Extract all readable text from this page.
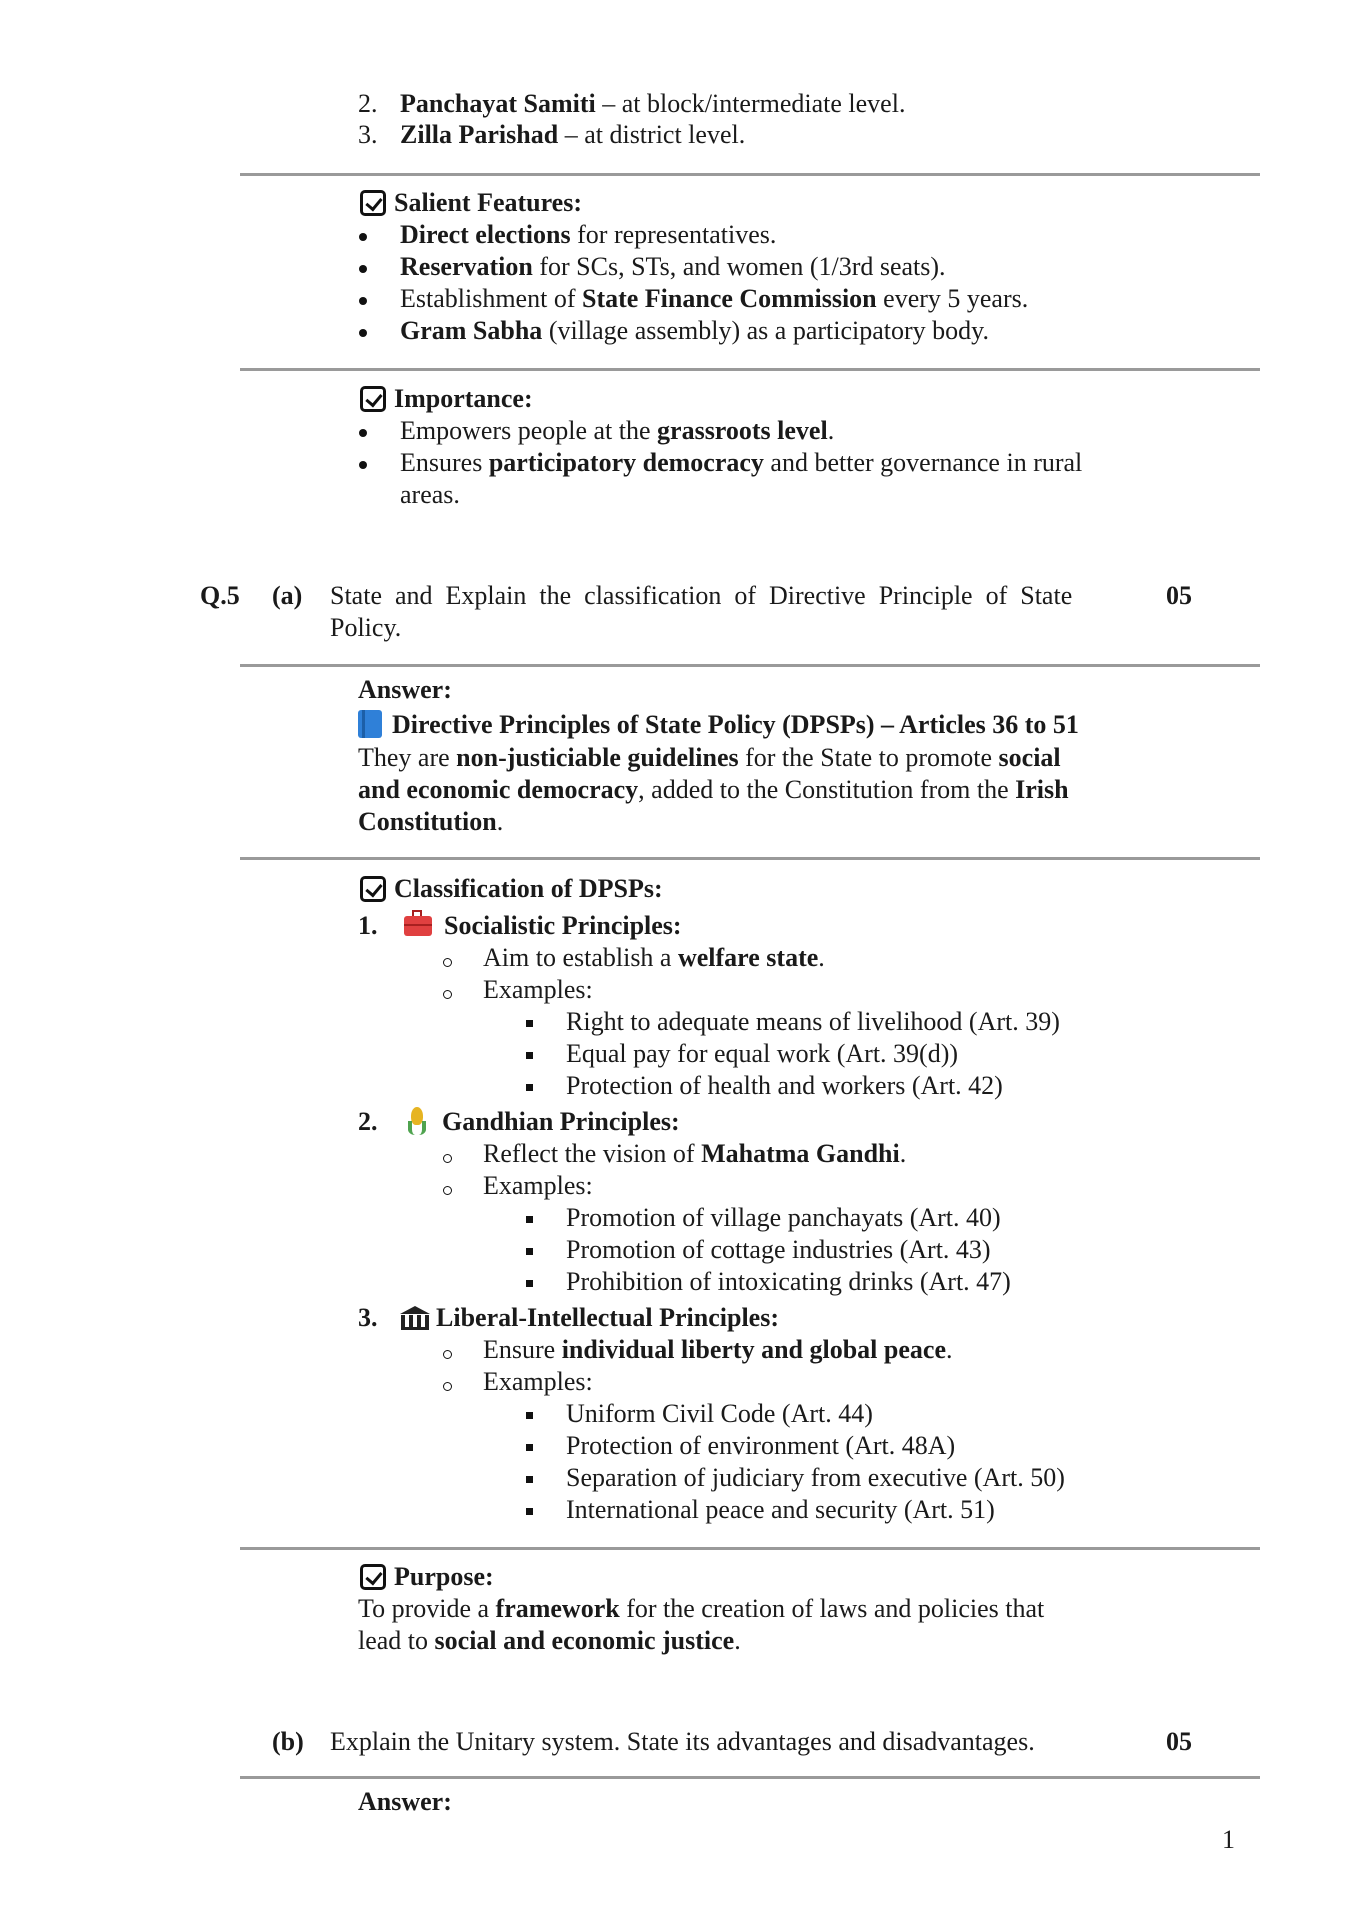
2. Panchayat Samiti – at block/intermediate level.
3. Zilla Parishad – at district level.
Salient Features:
Direct elections for representatives.
Reservation for SCs, STs, and women (1/3rd seats).
Establishment of State Finance Commission every 5 years.
Gram Sabha (village assembly) as a participatory body.
Importance:
Empowers people at the grassroots level.
Ensures participatory democracy and better governance in rural
areas.
Q.5 (a) State  and  Explain  the  classification  of  Directive  Principle  of  State
Policy.
05
Answer:
Directive Principles of State Policy (DPSPs) – Articles 36 to 51
They are non-justiciable guidelines for the State to promote social
and economic democracy, added to the Constitution from the Irish
Constitution.
Classification of DPSPs:
1.	Socialistic Principles:
Aim to establish a welfare state.
Examples:
Right to adequate means of livelihood (Art. 39)
Equal pay for equal work (Art. 39(d))
Protection of health and workers (Art. 42)
2.	Gandhian Principles:
Reflect the vision of Mahatma Gandhi.
Examples:
Promotion of village panchayats (Art. 40)
Promotion of cottage industries (Art. 43)
Prohibition of intoxicating drinks (Art. 47)
3.	Liberal-Intellectual Principles:
Ensure individual liberty and global peace.
Examples:
Uniform Civil Code (Art. 44)
Protection of environment (Art. 48A)
Separation of judiciary from executive (Art. 50)
International peace and security (Art. 51)
Purpose:
To provide a framework for the creation of laws and policies that
lead to social and economic justice.
(b) Explain the Unitary system. State its advantages and disadvantages.	05
Answer:
1
